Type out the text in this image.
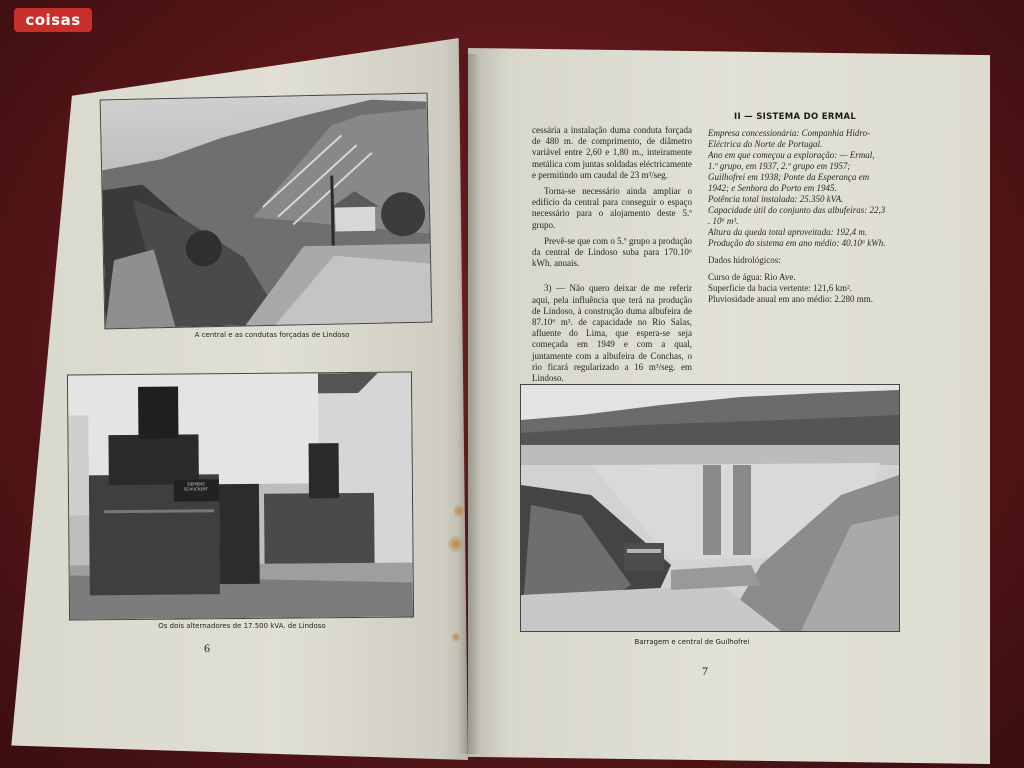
coisas
A central e as condutas forçadas de Lindoso
SIEMENS SCHUCKERT
Os dois alternadores de 17.500 kVA. de Lindoso
6

cessária a instalação duma conduta forçada de 480 m. de comprimento, de diâmetro variável entre 2,60 e 1,80 m., inteiramente metálica com juntas soldadas eléctricamente e permitindo um caudal de 23 m³/seg.

Torna-se necessário ainda ampliar o edifício da central para conseguir o espaço necessário para o alojamento deste 5.º grupo.

Prevê-se que com o 5.º grupo a produção da central de Lindoso suba para 170.10⁶ kWh. anuais.

3) — Não quero deixar de me referir aqui, pela influência que terá na produção de Lindoso, à construção duma albufeira de 87.10⁶ m³. de capacidade no Rio Salas, afluente do Lima, que espera-se seja começada em 1949 e com a qual, juntamente com a albufeira de Conchas, o rio ficará regularizado a 16 m³/seg. em Lindoso.

II — SISTEMA DO ERMAL
Empresa concessionária: Companhia Hidro-Eléctrica do Norte de Portugal.
Ano em que começou a exploração: — Ermal, 1.º grupo, em 1937, 2.º grupo em 1957; Guilhofrei em 1938; Ponte da Esperança em 1942; e Senhora do Porto em 1945.
Potência total instalada: 25.350 kVA.
Capacidade útil do conjunto das albufeiras: 22,3 . 10⁶ m³.
Altura da queda total aproveitada: 192,4 m.
Produção do sistema em ano médio: 40.10⁶ kWh.
Dados hidrológicos:
Curso de água: Rio Ave.
Superfície da bacia vertente: 121,6 km².
Pluviosidade anual em ano médio: 2.280 mm.
Barragem e central de Guilhofrei
7
